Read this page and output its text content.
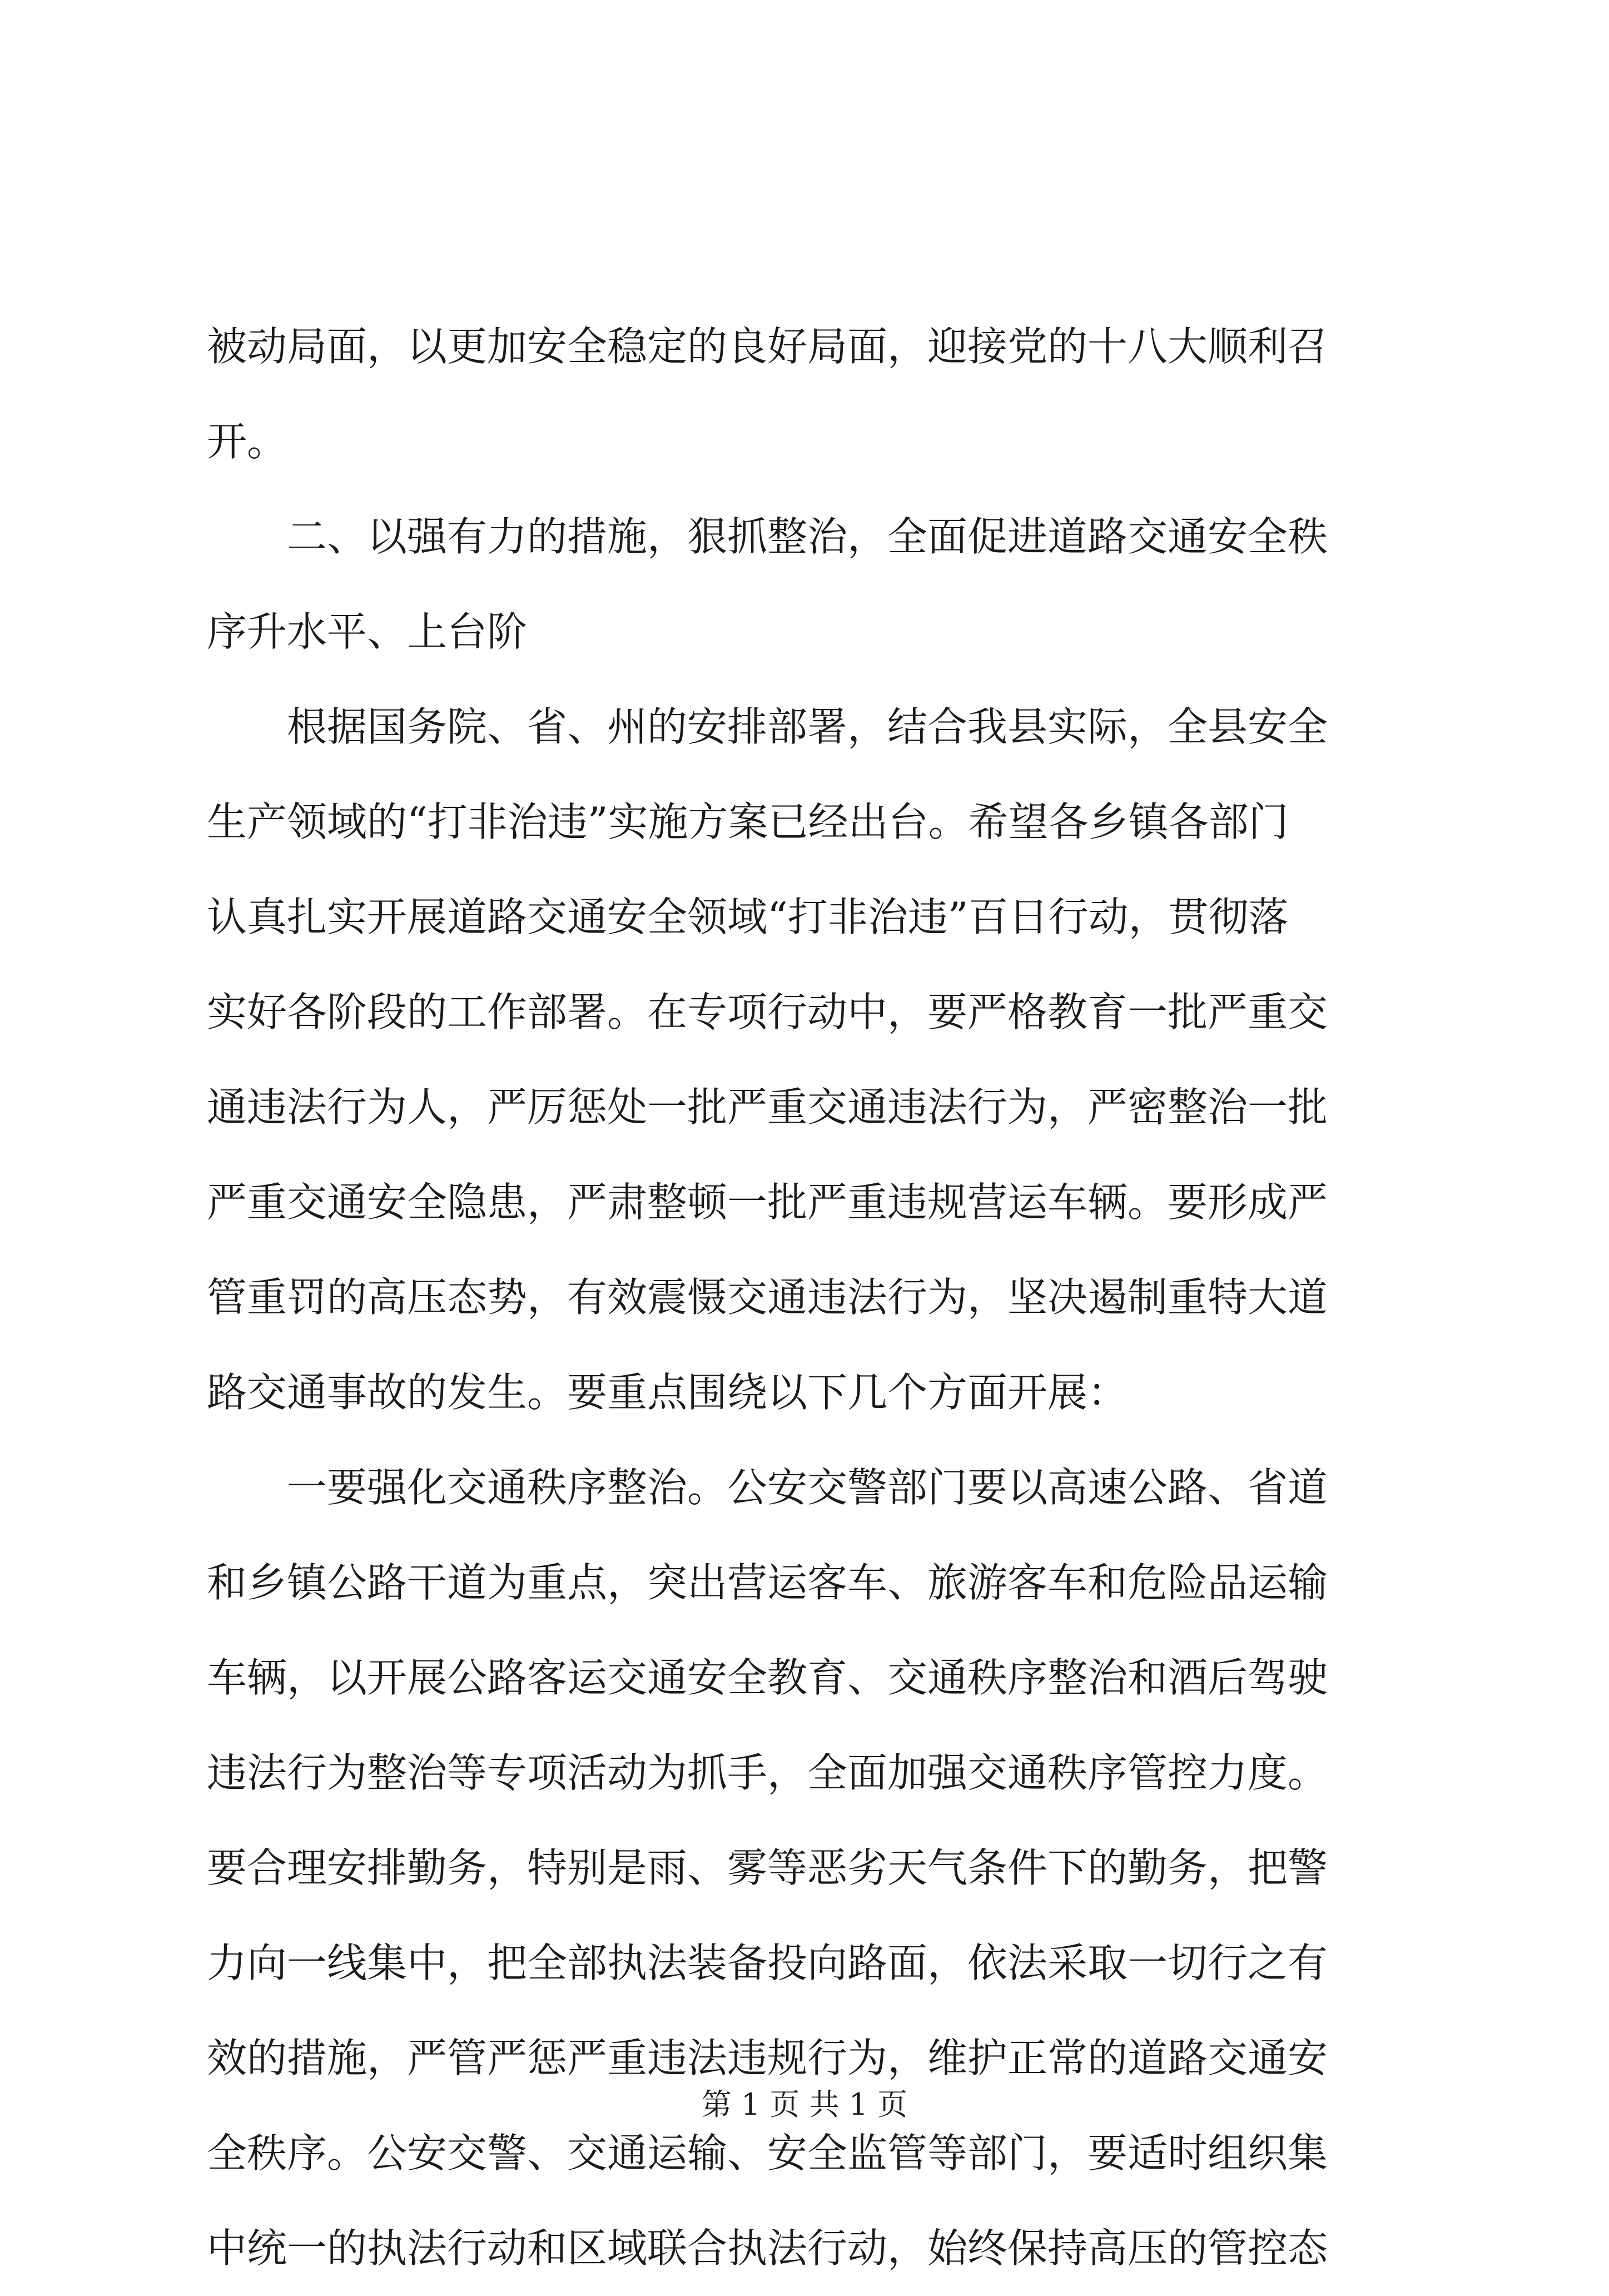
被动局面，以更加安全稳定的良好局面，迎接党的十八大顺利召
开。
　　二、以强有力的措施，狠抓整治，全面促进道路交通安全秩
序升水平、上台阶
　　根据国务院、省、州的安排部署，结合我县实际，全县安全
生产领域的“打非治违”实施方案已经出台。希望各乡镇各部门
认真扎实开展道路交通安全领域“打非治违”百日行动，贯彻落
实好各阶段的工作部署。在专项行动中，要严格教育一批严重交
通违法行为人，严厉惩处一批严重交通违法行为，严密整治一批
严重交通安全隐患，严肃整顿一批严重违规营运车辆。要形成严
管重罚的高压态势，有效震慑交通违法行为，坚决遏制重特大道
路交通事故的发生。要重点围绕以下几个方面开展：
　　一要强化交通秩序整治。公安交警部门要以高速公路、省道
和乡镇公路干道为重点，突出营运客车、旅游客车和危险品运输
车辆，以开展公路客运交通安全教育、交通秩序整治和酒后驾驶
违法行为整治等专项活动为抓手，全面加强交通秩序管控力度。
要合理安排勤务，特别是雨、雾等恶劣天气条件下的勤务，把警
力向一线集中，把全部执法装备投向路面，依法采取一切行之有
效的措施，严管严惩严重违法违规行为，维护正常的道路交通安
全秩序。公安交警、交通运输、安全监管等部门，要适时组织集
中统一的执法行动和区域联合执法行动，始终保持高压的管控态
第 1 页 共 1 页
